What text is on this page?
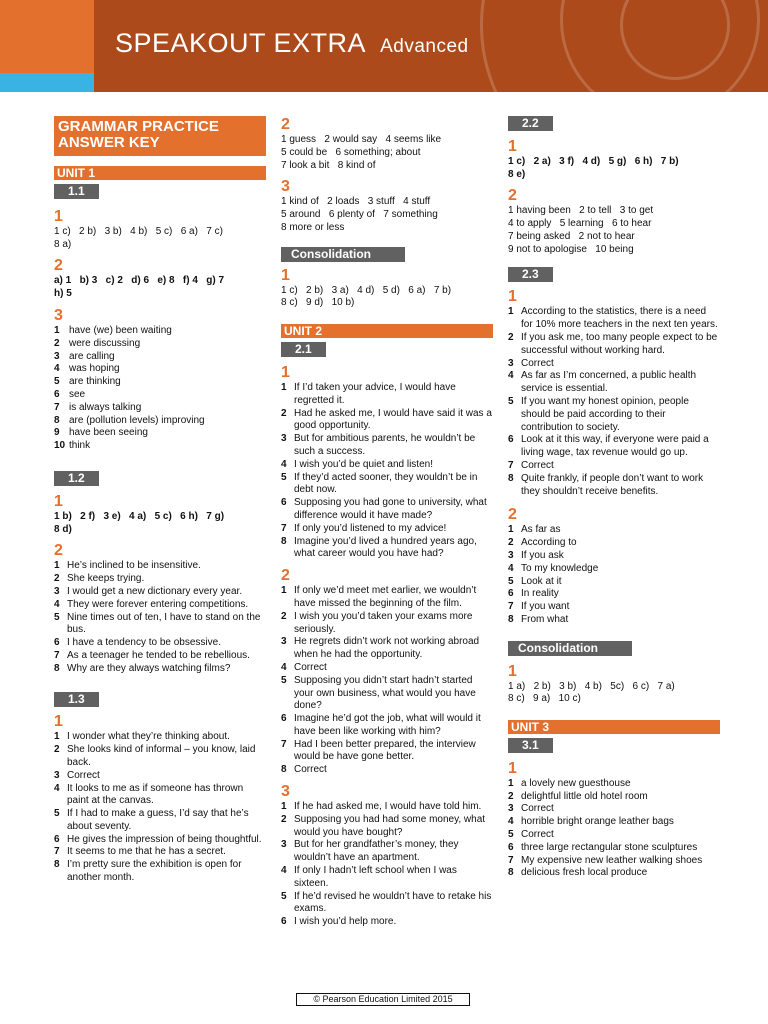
SPEAKOUT EXTRA Advanced
GRAMMAR PRACTICE
ANSWER KEY
UNIT 1
1.1
1
1 c)   2 b)   3 b)   4 b)   5 c)   6 a)   7 c)
8 a)
2
a) 1   b) 3   c) 2   d) 6   e) 8   f) 4   g) 7
h) 5
3
1 have (we) been waiting
2 were discussing
3 are calling
4 was hoping
5 are thinking
6 see
7 is always talking
8 are (pollution levels) improving
9 have been seeing
10 think
1.2
1
1 b)   2 f)   3 e)   4 a)   5 c)   6 h)   7 g)
8 d)
2
1 He’s inclined to be insensitive.
2 She keeps trying.
3 I would get a new dictionary every year.
4 They were forever entering competitions.
5 Nine times out of ten, I have to stand on the bus.
6 I have a tendency to be obsessive.
7 As a teenager he tended to be rebellious.
8 Why are they always watching films?
1.3
1
1 I wonder what they’re thinking about.
2 She looks kind of informal – you know, laid back.
3 Correct
4 It looks to me as if someone has thrown paint at the canvas.
5 If I had to make a guess, I’d say that he’s about seventy.
6 He gives the impression of being thoughtful.
7 It seems to me that he has a secret.
8 I’m pretty sure the exhibition is open for another month.
2
1 guess   2 would say   4 seems like
5 could be   6 something; about
7 look a bit   8 kind of
3
1 kind of   2 loads   3 stuff   4 stuff
5 around   6 plenty of   7 something
8 more or less
Consolidation
1
1 c)   2 b)   3 a)   4 d)   5 d)   6 a)   7 b)
8 c)   9 d)   10 b)
UNIT 2
2.1
1
1 If I’d taken your advice, I would have regretted it.
2 Had he asked me, I would have said it was a good opportunity.
3 But for ambitious parents, he wouldn’t be such a success.
4 I wish you’d be quiet and listen!
5 If they’d acted sooner, they wouldn’t be in debt now.
6 Supposing you had gone to university, what difference would it have made?
7 If only you’d listened to my advice!
8 Imagine you’d lived a hundred years ago, what career would you have had?
2
1 If only we’d meet met earlier, we wouldn’t have missed the beginning of the film.
2 I wish you you’d taken your exams more seriously.
3 He regrets didn’t work not working abroad when he had the opportunity.
4 Correct
5 Supposing you didn’t start hadn’t started your own business, what would you have done?
6 Imagine he’d got the job, what will would it have been like working with him?
7 Had I been better prepared, the interview would be have gone better.
8 Correct
3
1 If he had asked me, I would have told him.
2 Supposing you had had some money, what would you have bought?
3 But for her grandfather’s money, they wouldn’t have an apartment.
4 If only I hadn’t left school when I was sixteen.
5 If he’d revised he wouldn’t have to retake his exams.
6 I wish you’d help more.
2.2
1
1 c)   2 a)   3 f)   4 d)   5 g)   6 h)   7 b)
8 e)
2
1 having been   2 to tell   3 to get
4 to apply   5 learning   6 to hear
7 being asked   2 not to hear
9 not to apologise   10 being
2.3
1
1 According to the statistics, there is a need for 10% more teachers in the next ten years.
2 If you ask me, too many people expect to be successful without working hard.
3 Correct
4 As far as I’m concerned, a public health service is essential.
5 If you want my honest opinion, people should be paid according to their contribution to society.
6 Look at it this way, if everyone were paid a living wage, tax revenue would go up.
7 Correct
8 Quite frankly, if people don’t want to work they shouldn’t receive benefits.
2
1 As far as
2 According to
3 If you ask
4 To my knowledge
5 Look at it
6 In reality
7 If you want
8 From what
Consolidation
1
1 a)   2 b)   3 b)   4 b)   5c)   6 c)   7 a)
8 c)   9 a)   10 c)
UNIT 3
3.1
1
1 a lovely new guesthouse
2 delightful little old hotel room
3 Correct
4 horrible bright orange leather bags
5 Correct
6 three large rectangular stone sculptures
7 My expensive new leather walking shoes
8 delicious fresh local produce
© Pearson Education Limited 2015
